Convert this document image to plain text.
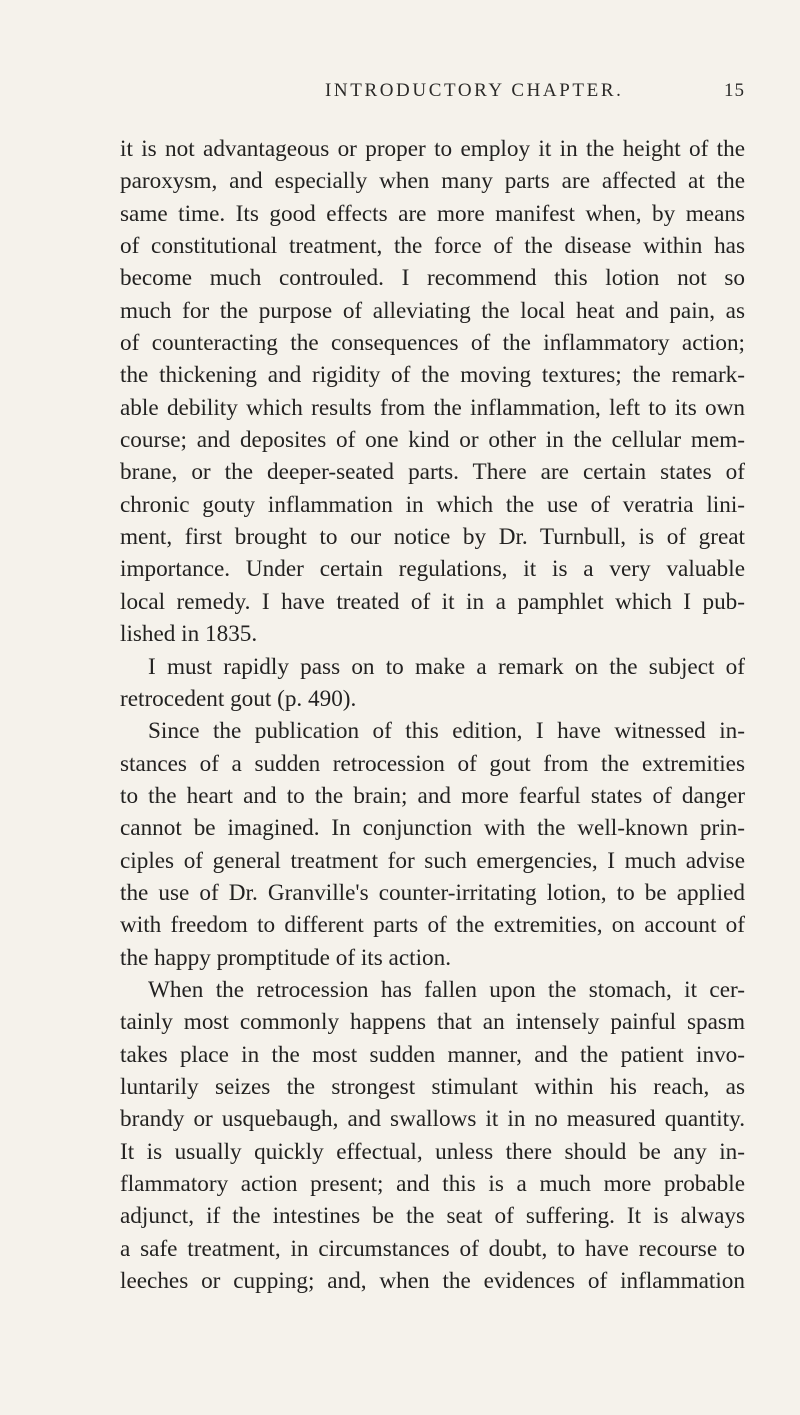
INTRODUCTORY CHAPTER.	15

it is not advantageous or proper to employ it in the height of the
paroxysm, and especially when many parts are affected at the
same time. Its good effects are more manifest when, by means
of constitutional treatment, the force of the disease within has
become much controuled. I recommend this lotion not so
much for the purpose of alleviating the local heat and pain, as
of counteracting the consequences of the inflammatory action;
the thickening and rigidity of the moving textures; the remark-
able debility which results from the inflammation, left to its own
course; and deposites of one kind or other in the cellular mem-
brane, or the deeper-seated parts. There are certain states of
chronic gouty inflammation in which the use of veratria lini-
ment, first brought to our notice by Dr. Turnbull, is of great
importance. Under certain regulations, it is a very valuable
local remedy. I have treated of it in a pamphlet which I pub-
lished in 1835.

I must rapidly pass on to make a remark on the subject of
retrocedent gout (p. 490).

Since the publication of this edition, I have witnessed in-
stances of a sudden retrocession of gout from the extremities
to the heart and to the brain; and more fearful states of danger
cannot be imagined. In conjunction with the well-known prin-
ciples of general treatment for such emergencies, I much advise
the use of Dr. Granville's counter-irritating lotion, to be applied
with freedom to different parts of the extremities, on account of
the happy promptitude of its action.

When the retrocession has fallen upon the stomach, it cer-
tainly most commonly happens that an intensely painful spasm
takes place in the most sudden manner, and the patient invo-
luntarily seizes the strongest stimulant within his reach, as
brandy or usquebaugh, and swallows it in no measured quantity.
It is usually quickly effectual, unless there should be any in-
flammatory action present; and this is a much more probable
adjunct, if the intestines be the seat of suffering. It is always
a safe treatment, in circumstances of doubt, to have recourse to
leeches or cupping; and, when the evidences of inflammation
